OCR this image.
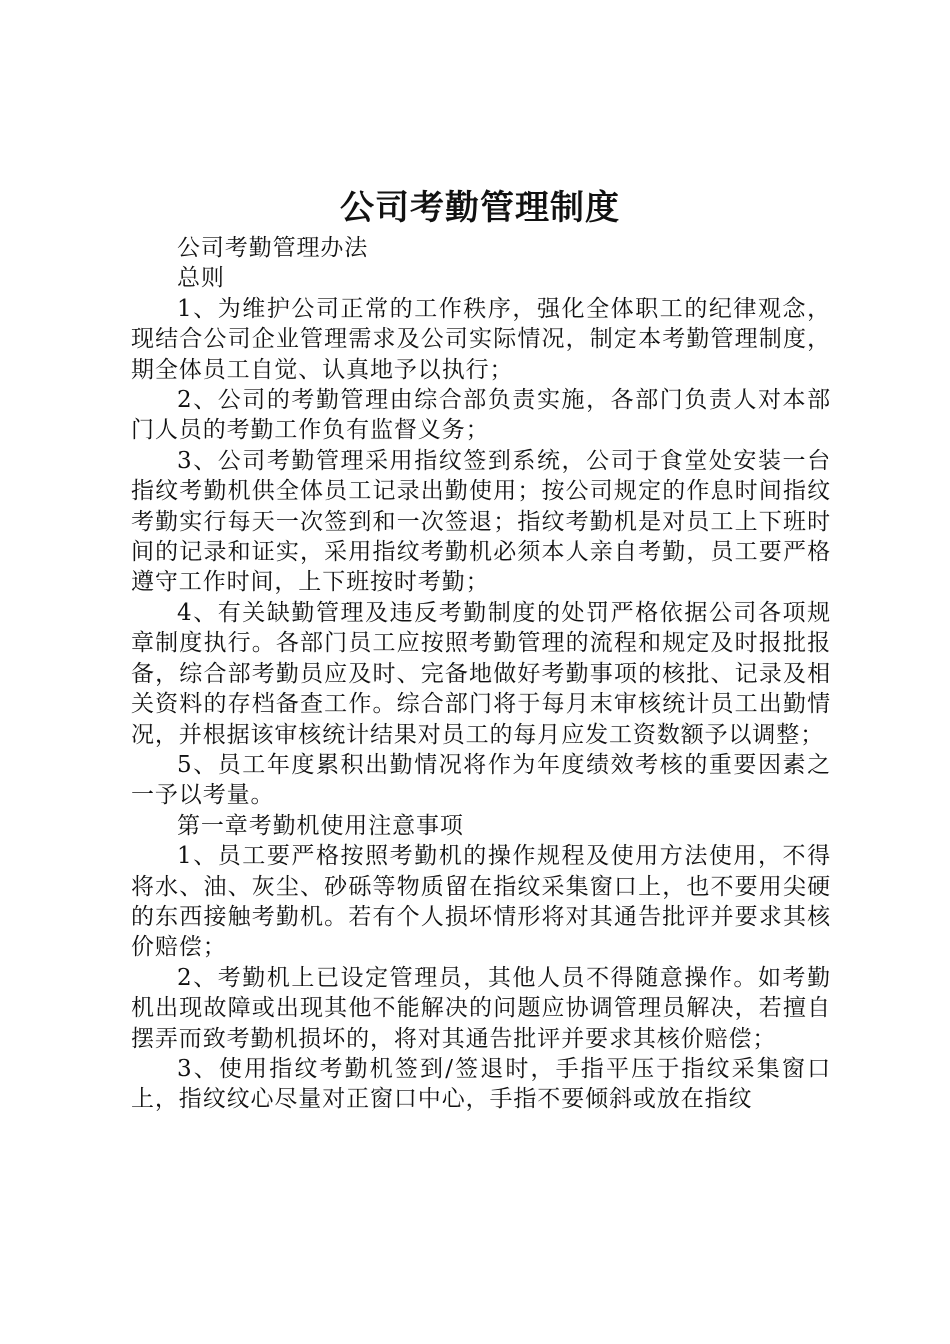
公司考勤管理制度

公司考勤管理办法

总则

1、为维护公司正常的工作秩序，强化全体职工的纪律观念，现结合公司企业管理需求及公司实际情况，制定本考勤管理制度，期全体员工自觉、认真地予以执行；

2、公司的考勤管理由综合部负责实施，各部门负责人对本部门人员的考勤工作负有监督义务；

3、公司考勤管理采用指纹签到系统，公司于食堂处安装一台指纹考勤机供全体员工记录出勤使用；按公司规定的作息时间指纹考勤实行每天一次签到和一次签退；指纹考勤机是对员工上下班时间的记录和证实，采用指纹考勤机必须本人亲自考勤，员工要严格遵守工作时间，上下班按时考勤；

4、有关缺勤管理及违反考勤制度的处罚严格依据公司各项规章制度执行。各部门员工应按照考勤管理的流程和规定及时报批报备，综合部考勤员应及时、完备地做好考勤事项的核批、记录及相关资料的存档备查工作。综合部门将于每月末审核统计员工出勤情况，并根据该审核统计结果对员工的每月应发工资数额予以调整；

5、员工年度累积出勤情况将作为年度绩效考核的重要因素之一予以考量。

第一章考勤机使用注意事项

1、员工要严格按照考勤机的操作规程及使用方法使用，不得将水、油、灰尘、砂砾等物质留在指纹采集窗口上，也不要用尖硬的东西接触考勤机。若有个人损坏情形将对其通告批评并要求其核价赔偿；

2、考勤机上已设定管理员，其他人员不得随意操作。如考勤机出现故障或出现其他不能解决的问题应协调管理员解决，若擅自摆弄而致考勤机损坏的，将对其通告批评并要求其核价赔偿；

3、使用指纹考勤机签到/签退时，手指平压于指纹采集窗口上，指纹纹心尽量对正窗口中心，手指不要倾斜或放在指纹
